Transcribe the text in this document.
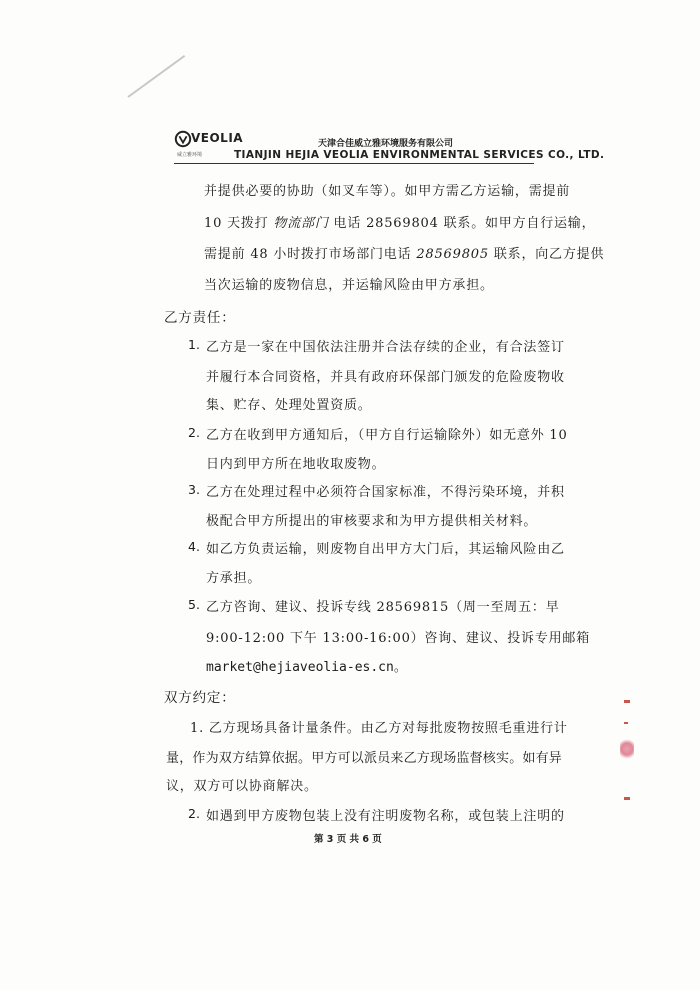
VEOLIA
威立雅环境
天津合佳威立雅环境服务有限公司
TIANJIN HEJIA VEOLIA ENVIRONMENTAL SERVICES CO., LTD.
并提供必要的协助（如叉车等）。如甲方需乙方运输，需提前
10 天拨打 物流部门 电话 28569804 联系。如甲方自行运输，
需提前 48 小时拨打市场部门电话 28569805 联系，向乙方提供
当次运输的废物信息，并运输风险由甲方承担。
乙方责任：
1. 乙方是一家在中国依法注册并合法存续的企业，有合法签订
并履行本合同资格，并具有政府环保部门颁发的危险废物收
集、贮存、处理处置资质。
2. 乙方在收到甲方通知后，（甲方自行运输除外）如无意外 10
日内到甲方所在地收取废物。
3. 乙方在处理过程中必须符合国家标准，不得污染环境，并积
极配合甲方所提出的审核要求和为甲方提供相关材料。
4. 如乙方负责运输，则废物自出甲方大门后，其运输风险由乙
方承担。
5. 乙方咨询、建议、投诉专线 28569815（周一至周五：早
9:00-12:00 下午 13:00-16:00）咨询、建议、投诉专用邮箱
market@hejiaveolia-es.cn。
双方约定：
1. 乙方现场具备计量条件。由乙方对每批废物按照毛重进行计
量，作为双方结算依据。甲方可以派员来乙方现场监督核实。如有异
议，双方可以协商解决。
2. 如遇到甲方废物包装上没有注明废物名称，或包装上注明的
第 3 页 共 6 页
